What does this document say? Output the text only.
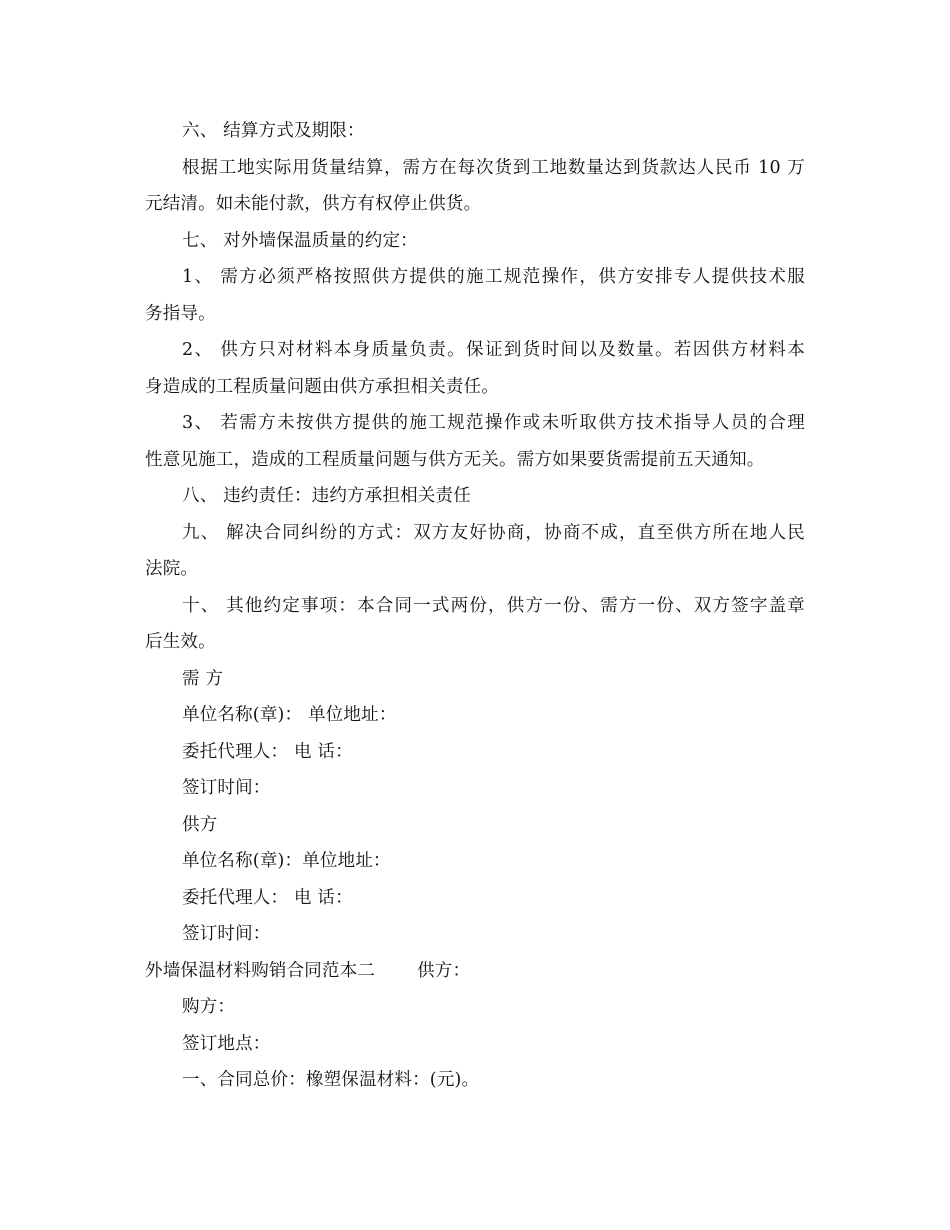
六、 结算方式及期限：
根据工地实际用货量结算，需方在每次货到工地数量达到货款达人民币 10 万
元结清。如未能付款，供方有权停止供货。
七、 对外墙保温质量的约定：
1、 需方必须严格按照供方提供的施工规范操作，供方安排专人提供技术服
务指导。
2、 供方只对材料本身质量负责。保证到货时间以及数量。若因供方材料本
身造成的工程质量问题由供方承担相关责任。
3、 若需方未按供方提供的施工规范操作或未听取供方技术指导人员的合理
性意见施工，造成的工程质量问题与供方无关。需方如果要货需提前五天通知。
八、 违约责任：违约方承担相关责任
九、 解决合同纠纷的方式：双方友好协商，协商不成，直至供方所在地人民
法院。
十、 其他约定事项：本合同一式两份，供方一份、需方一份、双方签字盖章
后生效。
需 方
单位名称(章)： 单位地址：
委托代理人： 电 话：
签订时间：
供方
单位名称(章)：单位地址：
委托代理人： 电 话：
签订时间：
外墙保温材料购销合同范本二 供方：
购方：
签订地点：
一、合同总价：橡塑保温材料：(元)。
